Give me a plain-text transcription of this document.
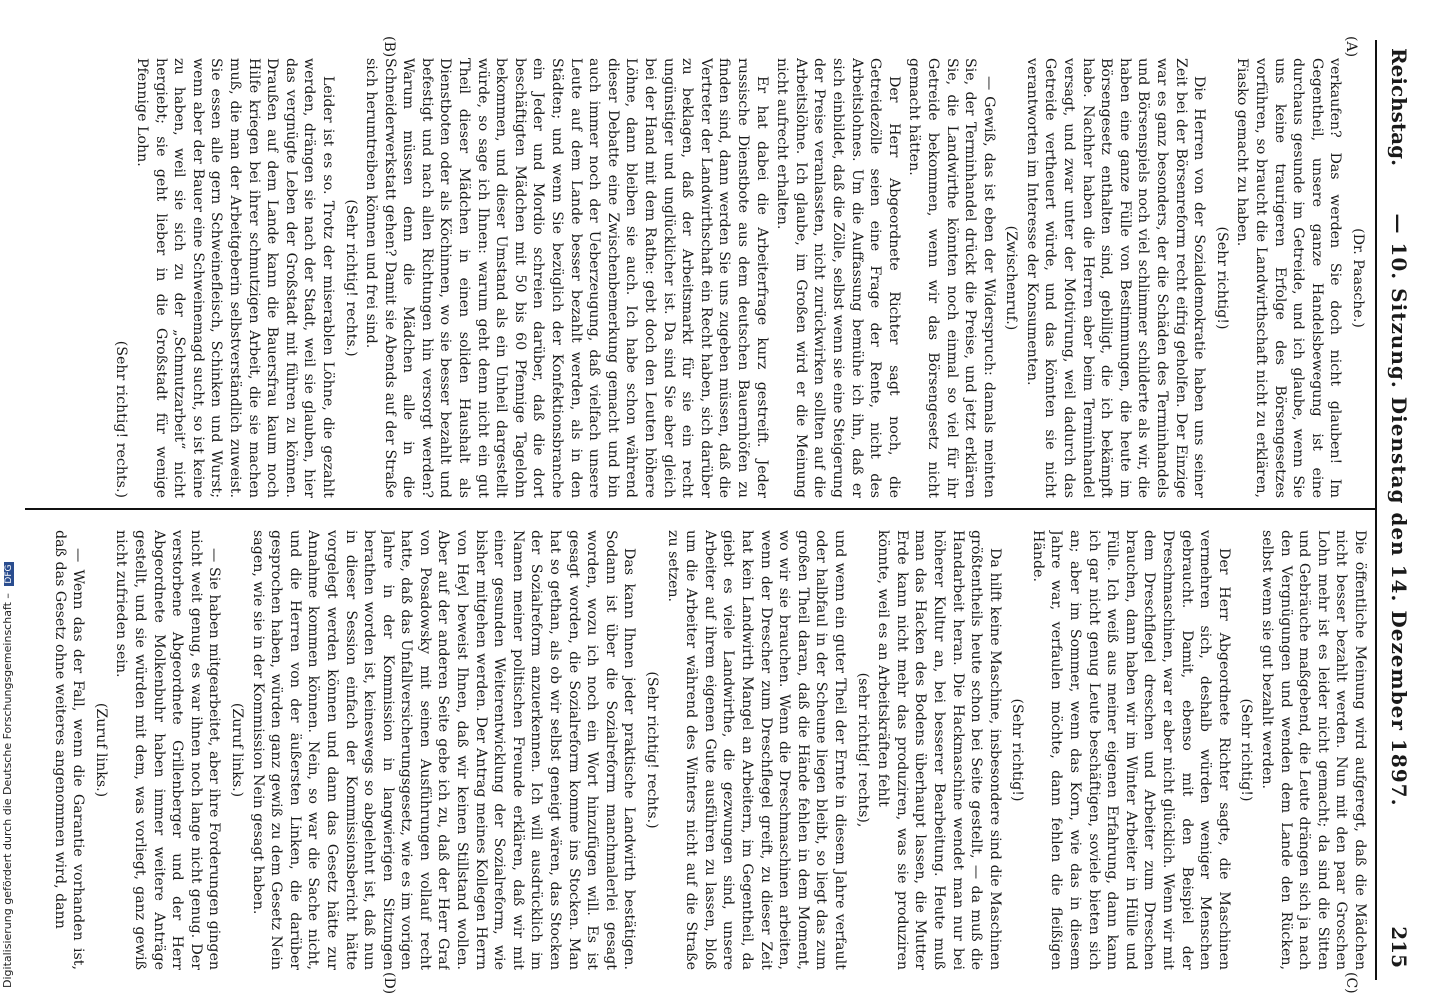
Reichstag.
— 10. Sitzung. Dienstag den 14. Dezember 1897.
215
(A)
(B)
(C)
(D)
(Dr. Paasche.)

verkaufen? Das werden Sie doch nicht glauben! Im Gegentheil, unsere ganze Handelsbewegung ist eine durchaus gesunde im Getreide, und ich glaube, wenn Sie uns keine traurigeren Erfolge des Börsengesetzes vorführen, so braucht die Landwirthschaft nicht zu erklären, Fiasko gemacht zu haben.

(Sehr richtig!)

Die Herren von der Sozialdemokratie haben uns seiner Zeit bei der Börsenreform recht eifrig geholfen. Der Einzige war es ganz besonders, der die Schäden des Terminhandels und Börsenspiels noch viel schlimmer schilderte als wir, die haben eine ganze Fülle von Bestimmungen, die heute im Börsengesetz enthalten sind, gebilligt, die ich bekämpft habe. Nachher haben die Herren aber beim Terminhandel versagt, und zwar unter der Motivirung, weil dadurch das Getreide vertheuert würde, und das könnten sie nicht verantworten im Interesse der Konsumenten.

(Zwischenruf.)

— Gewiß, das ist eben der Widerspruch: damals meinten Sie, der Terminhandel drückt die Preise, und jetzt erklären Sie, die Landwirthe könnten noch einmal so viel für ihr Getreide bekommen, wenn wir das Börsengesetz nicht gemacht hätten.

Der Herr Abgeordnete Richter sagt noch, die Getreidezölle seien eine Frage der Rente, nicht des Arbeitslohnes. Um die Auffassung bemühe ich ihn, daß er sich einbildet, daß die Zölle, selbst wenn sie eine Steigerung der Preise veranlassten, nicht zurückwirken sollten auf die Arbeitslöhne. Ich glaube, im Großen wird er die Meinung nicht aufrecht erhalten.

Er hat dabei die Arbeiterfrage kurz gestreift. Jeder russische Dienstbote aus dem deutschen Bauernhöfen zu finden sind, dann werden Sie uns zugeben müssen, daß die Vertreter der Landwirthschaft ein Recht haben, sich darüber zu beklagen, daß der Arbeitsmarkt für sie ein recht ungünstiger und unglücklicher ist. Da sind Sie aber gleich bei der Hand mit dem Rathe: gebt doch den Leuten höhere Löhne, dann bleiben sie auch. Ich habe schon während dieser Debatte eine Zwischenbemerkung gemacht und bin auch immer noch der Ueberzeugung, daß vielfach unsere Leute auf dem Lande besser bezahlt werden, als in den Städten; und wenn Sie bezüglich der Konfektionsbranche ein Jeder und Mordio schreien darüber, daß die dort beschäftigten Mädchen mit 50 bis 60 Pfennige Tagelohn bekommen, und dieser Umstand als ein Unheil dargestellt würde, so sage ich Ihnen: warum geht denn nicht ein gut Theil dieser Mädchen in einen soliden Haushalt als Dienstboten oder als Köchinnen, wo sie besser bezahlt und befestigt und nach allen Richtungen hin versorgt werden? Warum müssen denn die Mädchen alle in die Schneiderwerkstatt gehen? Damit sie Abends auf der Straße sich herumtreiben können und frei sind.

(Sehr richtig! rechts.)

Leider ist es so. Trotz der miserablen Löhne, die gezahlt werden, drängen sie nach der Stadt, weil sie glauben, hier das vergnügte Leben der Großstadt mit führen zu können. Draußen auf dem Lande kann die Bauersfrau kaum noch Hilfe kriegen bei ihrer schmutzigen Arbeit, die sie machen muß, die man der Arbeitgeberin selbstverständlich zuweist. Sie essen alle gern Schweinefleisch, Schinken und Wurst; wenn aber der Bauer eine Schweinemagd sucht, so ist keine zu haben, weil sie sich zu der „Schmutzarbeit“ nicht hergiebt; sie geht lieber in die Großstadt für wenige Pfennige Lohn.

(Sehr richtig! rechts.)

Die öffentliche Meinung wird aufgeregt, daß die Mädchen nicht besser bezahlt werden. Nun mit den paar Groschen Lohn mehr ist es leider nicht gemacht; da sind die Sitten und Gebräuche maßgebend, die Leute drängen sich ja nach den Vergnügungen und wenden dem Lande den Rücken, selbst wenn sie gut bezahlt werden.

(Sehr richtig!)

Der Herr Abgeordnete Richter sagte, die Maschinen vermehren sich, deshalb würden weniger Menschen gebraucht. Damit, ebenso mit den Beispiel der Dreschmaschinen, war er aber nicht glücklich. Wenn wir mit dem Dreschflegel dreschen und Arbeiter zum Dreschen brauchen, dann haben wir im Winter Arbeiter in Hülle und Fülle. Ich weiß aus meiner eigenen Erfahrung, dann kann ich gar nicht genug Leute beschäftigen, soviele bieten sich an; aber im Sommer, wenn das Korn, wie das in diesem Jahre war, verfaulen möchte, dann fehlen die fleißigen Hände.

(Sehr richtig!)

Da hilft keine Maschine, insbesondere sind die Maschinen größtentheils heute schon bei Seite gestellt, — da muß die Handarbeit heran. Die Hackmaschine wendet man nur bei höherer Kultur an, bei besserer Bearbeitung. Heute muß man das Hacken des Bodens überhaupt lassen, die Mutter Erde kann nicht mehr das produziren, was sie produziren könnte, weil es an Arbeitskräften fehlt

(sehr richtig! rechts),

und wenn ein guter Theil der Ernte in diesem Jahre verfault oder halbfaul in der Scheune liegen bleibt, so liegt das zum großen Theil daran, daß die Hände fehlen in dem Moment, wo wir sie brauchen. Wenn die Dreschmaschinen arbeiten, wenn der Drescher zum Dreschflegel greift, zu dieser Zeit hat kein Landwirth Mangel an Arbeitern, im Gegentheil, da giebt es viele Landwirthe, die gezwungen sind, unsere Arbeiter auf ihrem eigenen Gute ausführen zu lassen, bloß um die Arbeiter während des Winters nicht auf die Straße zu setzen.

(Sehr richtig! rechts.)

Das kann Ihnen jeder praktische Landwirth bestätigen. Sodann ist über die Sozialreform manchmalerlei gesagt worden, wozu ich noch ein Wort hinzufügen will. Es ist gesagt worden, die Sozialreform komme ins Stocken. Man hat so gethan, als ob wir selbst geneigt wären, das Stocken der Sozialreform anzuerkennen. Ich will ausdrücklich im Namen meiner politischen Freunde erklären, daß wir mit einer gesunden Weiterentwicklung der Sozialreform, wie bisher mitgehen werden. Der Antrag meines Kollegen Herrn von Heyl beweist Ihnen, daß wir keinen Stillstand wollen. Aber auf der anderen Seite gebe ich zu, daß der Herr Graf von Posadowsky mit seinen Ausführungen vollauf recht hatte, daß das Unfallversicherungsgesetz, wie es im vorigen Jahre in der Kommission in langwierigen Sitzungen berathen worden ist, keineswegs so abgelehnt ist, daß nun in dieser Session einfach der Kommissionsbericht hätte vorgelegt werden können und dann das Gesetz hätte zur Annahme kommen können. Nein, so war die Sache nicht, und die Herren von der äußersten Linken, die darüber gesprochen haben, würden ganz gewiß zu dem Gesetz Nein sagen, wie sie in der Kommission Nein gesagt haben.

(Zuruf links.)

— Sie haben mitgearbeitet, aber ihre Forderungen gingen nicht weit genug, es war ihnen noch lange nicht genug. Der verstorbene Abgeordnete Grillenberger und der Herr Abgeordnete Molkenbuhr haben immer weitere Anträge gestellt, und sie würden mit dem, was vorliegt, ganz gewiß nicht zufrieden sein.

(Zuruf links.)

— Wenn das der Fall, wenn die Garantie vorhanden ist, daß das Gesetz ohne weiteres angenommen wird, dann

Digitalisierung gefördert durch die Deutsche Forschungsgemeinschaft – DFG
